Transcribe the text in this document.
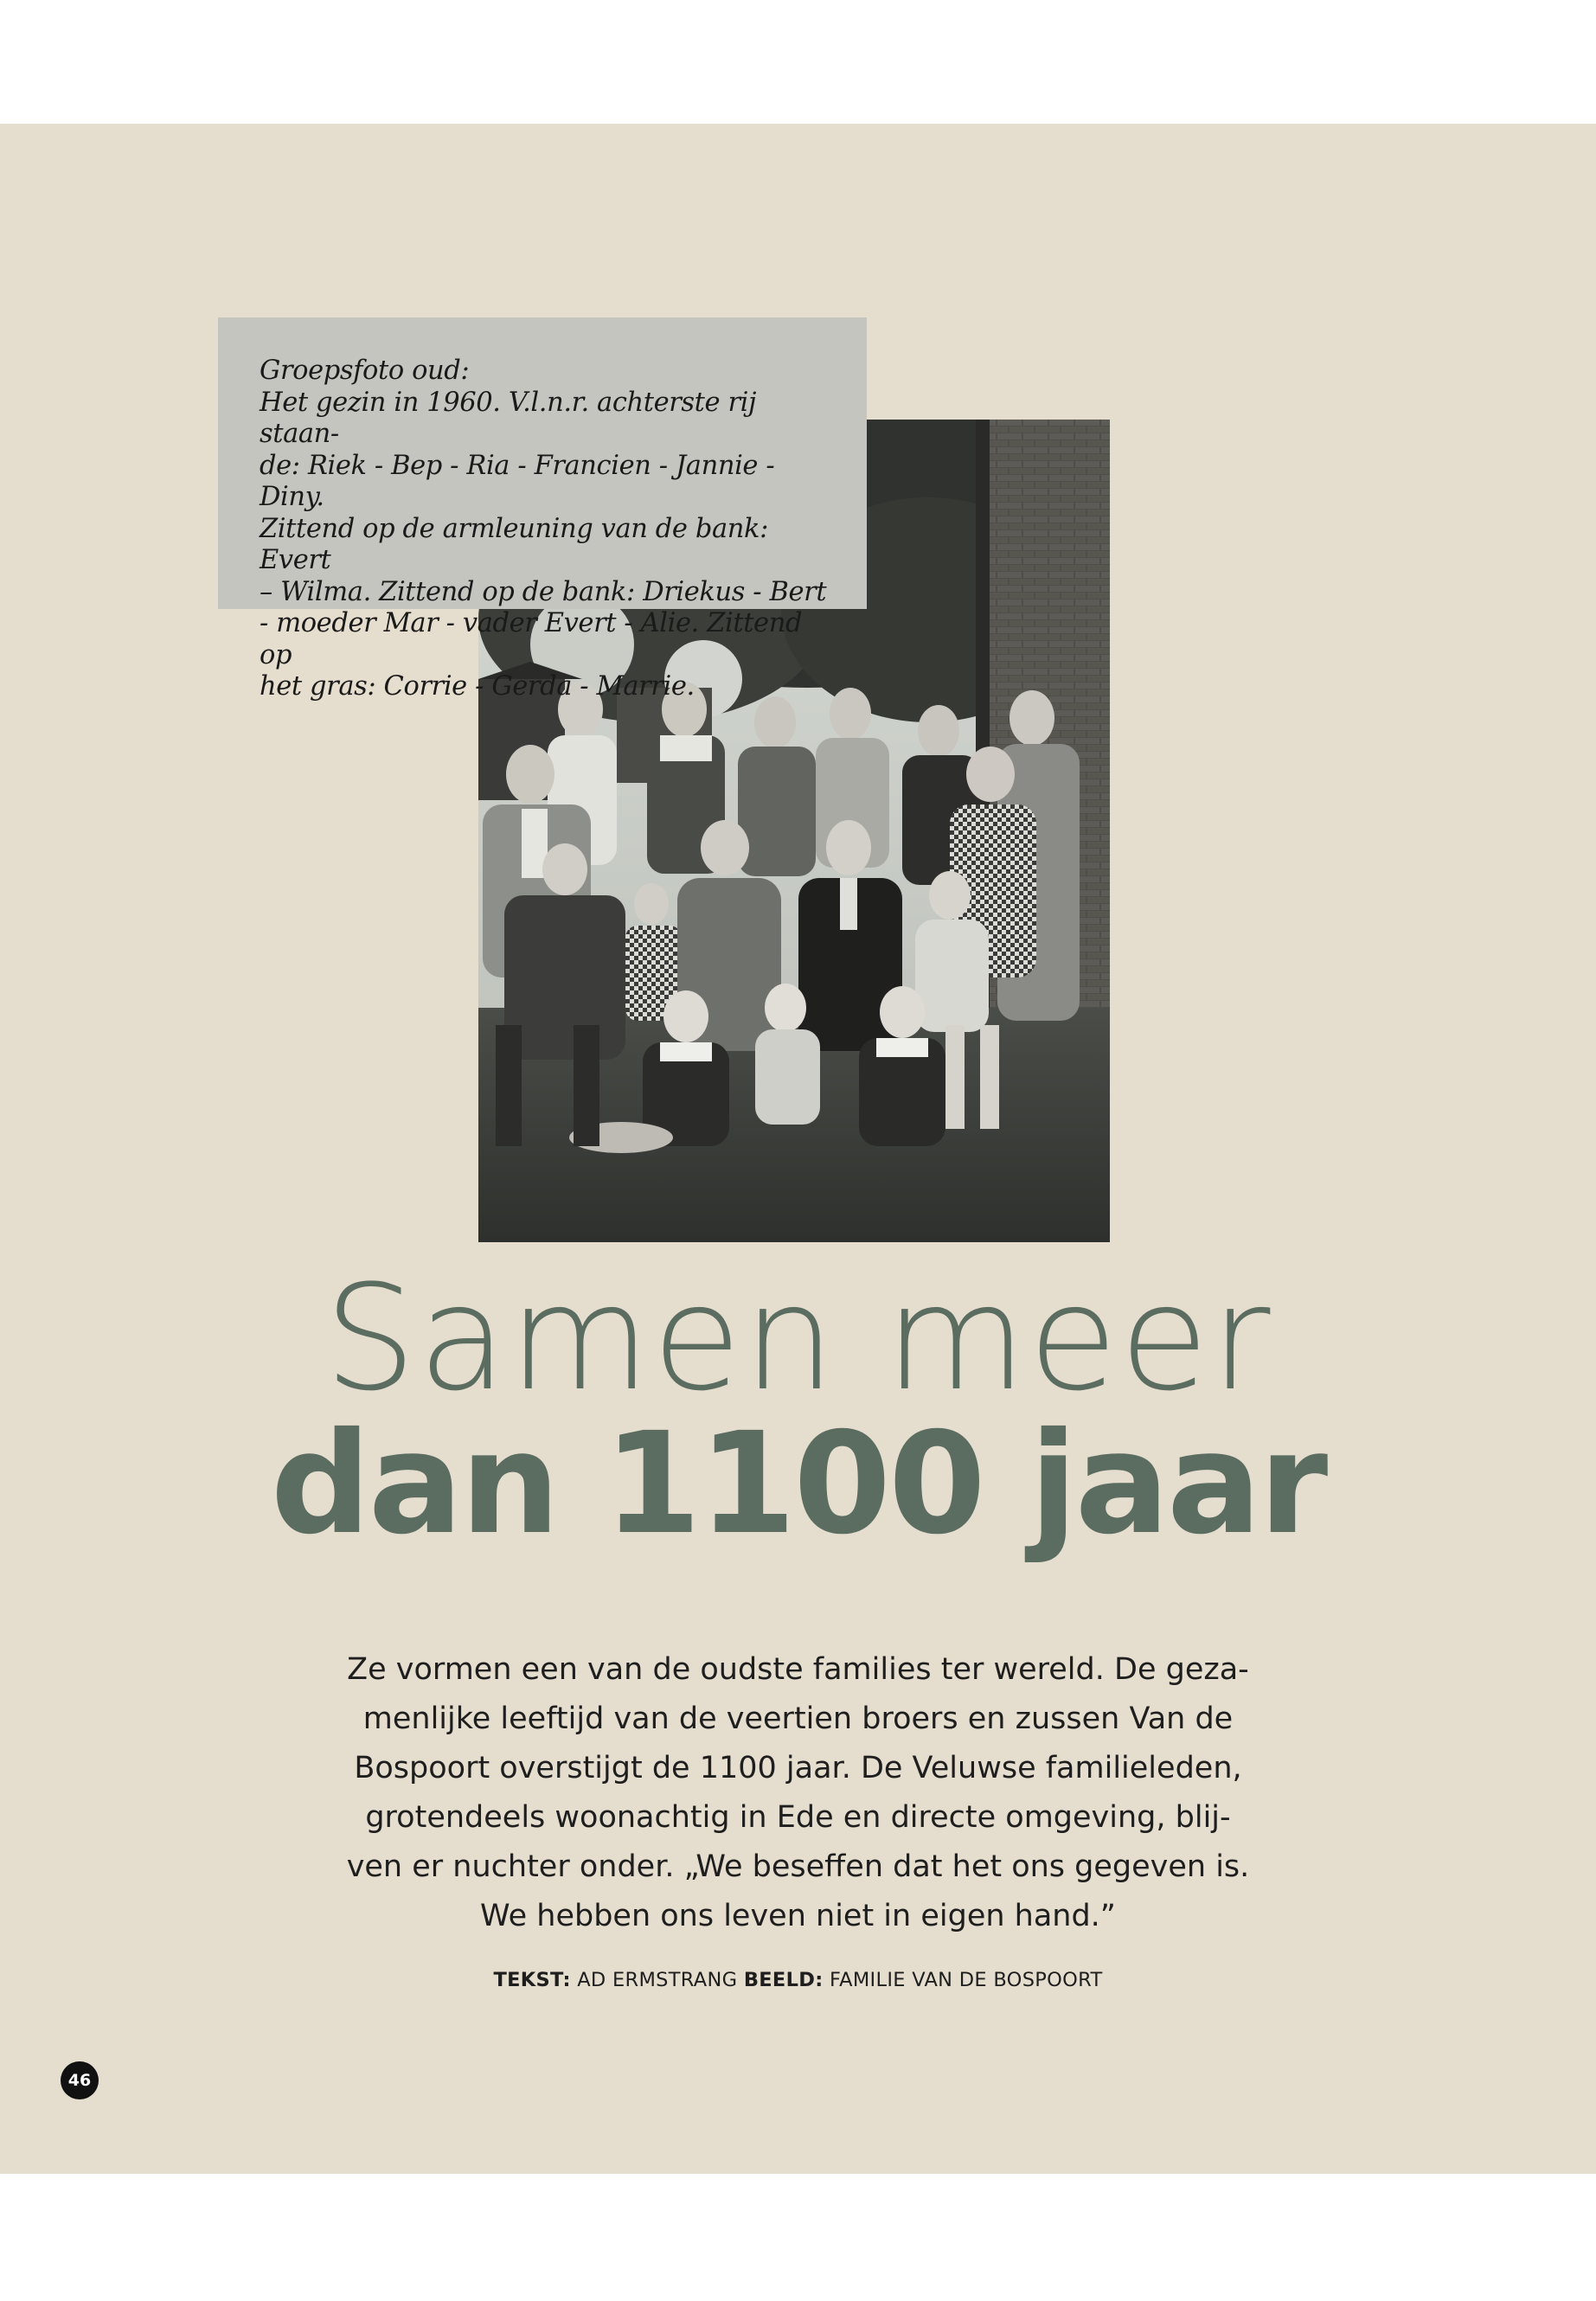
Groepsfoto oud:

Het gezin in 1960. V.l.n.r. achterste rij staan-

de: Riek - Bep - Ria - Francien - Jannie - Diny.

Zittend op de armleuning van de bank: Evert

– Wilma. Zittend op de bank: Driekus - Bert

- moeder Mar - vader Evert - Alie. Zittend op

het gras: Corrie - Gerda - Marrie.

Samen meer
dan 1100 jaar
Ze vormen een van de oudste families ter wereld. De geza-
menlijke leeftijd van de veertien broers en zussen Van de
Bospoort overstijgt de 1100 jaar. De Veluwse familieleden,
grotendeels woonachtig in Ede en directe omgeving, blij-
ven er nuchter onder. „We beseffen dat het ons gegeven is.
We hebben ons leven niet in eigen hand.”
TEKST: AD ERMSTRANG BEELD: FAMILIE VAN DE BOSPOORT
46
